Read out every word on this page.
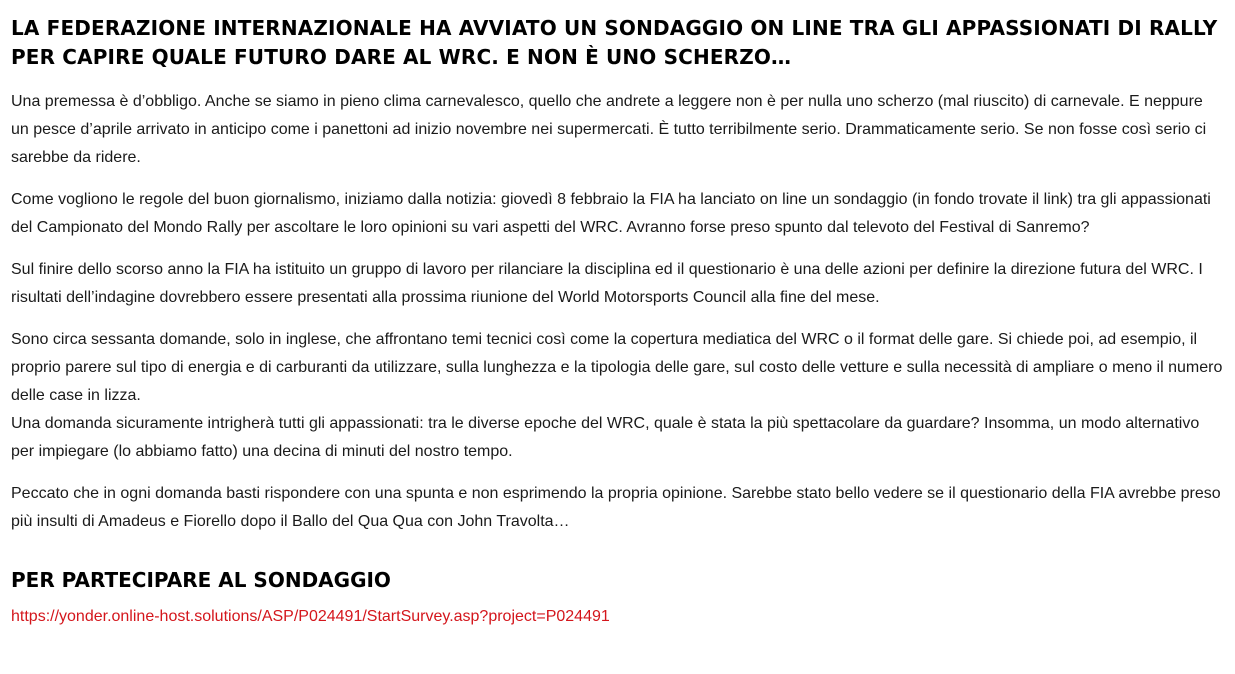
LA FEDERAZIONE INTERNAZIONALE HA AVVIATO UN SONDAGGIO ON LINE TRA GLI APPASSIONATI DI RALLY PER CAPIRE QUALE FUTURO DARE AL WRC. E NON È UNO SCHERZO…

Una premessa è d’obbligo. Anche se siamo in pieno clima carnevalesco, quello che andrete a leggere non è per nulla uno scherzo (mal riuscito) di carnevale. E neppure un pesce d’aprile arrivato in anticipo come i panettoni ad inizio novembre nei supermercati. È tutto terribilmente serio. Drammaticamente serio. Se non fosse così serio ci sarebbe da ridere.

Come vogliono le regole del buon giornalismo, iniziamo dalla notizia: giovedì 8 febbraio la FIA ha lanciato on line un sondaggio (in fondo trovate il link) tra gli appassionati del Campionato del Mondo Rally per ascoltare le loro opinioni su vari aspetti del WRC. Avranno forse preso spunto dal televoto del Festival di Sanremo?

Sul finire dello scorso anno la FIA ha istituito un gruppo di lavoro per rilanciare la disciplina ed il questionario è una delle azioni per definire la direzione futura del WRC. I risultati dell’indagine dovrebbero essere presentati alla prossima riunione del World Motorsports Council alla fine del mese.

Sono circa sessanta domande, solo in inglese, che affrontano temi tecnici così come la copertura mediatica del WRC o il format delle gare. Si chiede poi, ad esempio, il proprio parere sul tipo di energia e di carburanti da utilizzare, sulla lunghezza e la tipologia delle gare, sul costo delle vetture e sulla necessità di ampliare o meno il numero delle case in lizza.

Una domanda sicuramente intrigherà tutti gli appassionati: tra le diverse epoche del WRC, quale è stata la più spettacolare da guardare? Insomma, un modo alternativo per impiegare (lo abbiamo fatto) una decina di minuti del nostro tempo.

Peccato che in ogni domanda basti rispondere con una spunta e non esprimendo la propria opinione. Sarebbe stato bello vedere se il questionario della FIA avrebbe preso più insulti di Amadeus e Fiorello dopo il Ballo del Qua Qua con John Travolta…

PER PARTECIPARE AL SONDAGGIO
https://yonder.online-host.solutions/ASP/P024491/StartSurvey.asp?project=P024491
